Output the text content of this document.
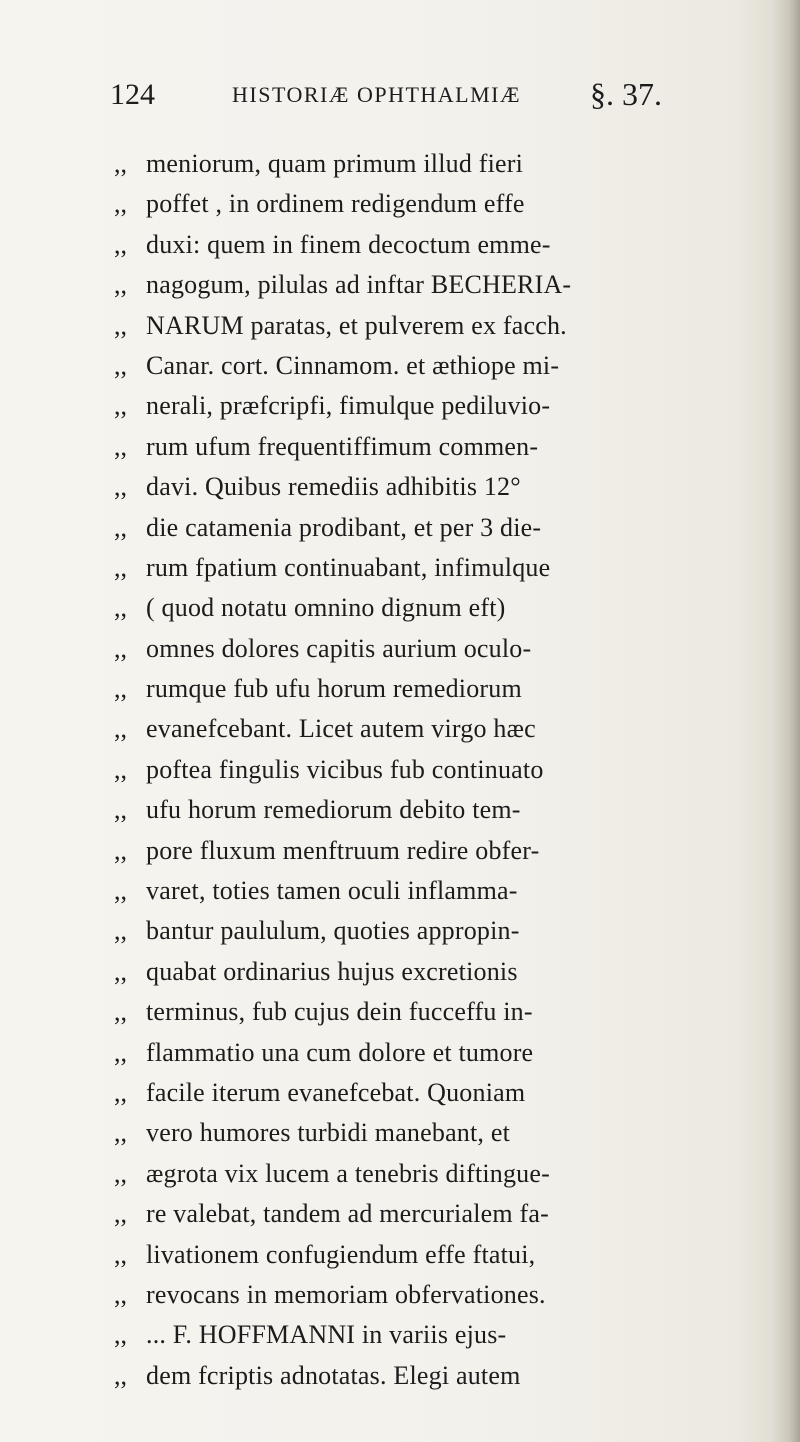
124	HISTORIÆ OPHTHALMIÆ §. 37.
,, meniorum, quam primum illud fieri
,, poffet , in ordinem redigendum effe
,, duxi: quem in finem decoctum emme-
,, nagogum, pilulas ad inftar BECHERIA-
,, NARUM paratas, et pulverem ex facch.
,, Canar. cort. Cinnamom. et æthiope mi-
,, nerali, præfcripfi, fimulque pediluvio-
,, rum ufum frequentiffimum commen-
,, davi. Quibus remediis adhibitis 12°
,, die catamenia prodibant, et per 3 die-
,, rum fpatium continuabant, infimulque
,, ( quod notatu omnino dignum eft)
,, omnes dolores capitis aurium oculo-
,, rumque fub ufu horum remediorum
,, evanefcebant. Licet autem virgo hæc
,, poftea fingulis vicibus fub continuato
,, ufu horum remediorum debito tem-
,, pore fluxum menftruum redire obfer-
,, varet, toties tamen oculi inflamma-
,, bantur paululum, quoties appropin-
,, quabat ordinarius hujus excretionis
,, terminus, fub cujus dein fucceffu in-
,, flammatio una cum dolore et tumore
,, facile iterum evanefcebat. Quoniam
,, vero humores turbidi manebant, et
,, ægrota vix lucem a tenebris diftingue-
,, re valebat, tandem ad mercurialem fa-
,, livationem confugiendum effe ftatui,
,, revocans in memoriam obfervationes.
,, ... F. HOFFMANNI in variis ejus-
,, dem fcriptis adnotatas. Elegi autem
